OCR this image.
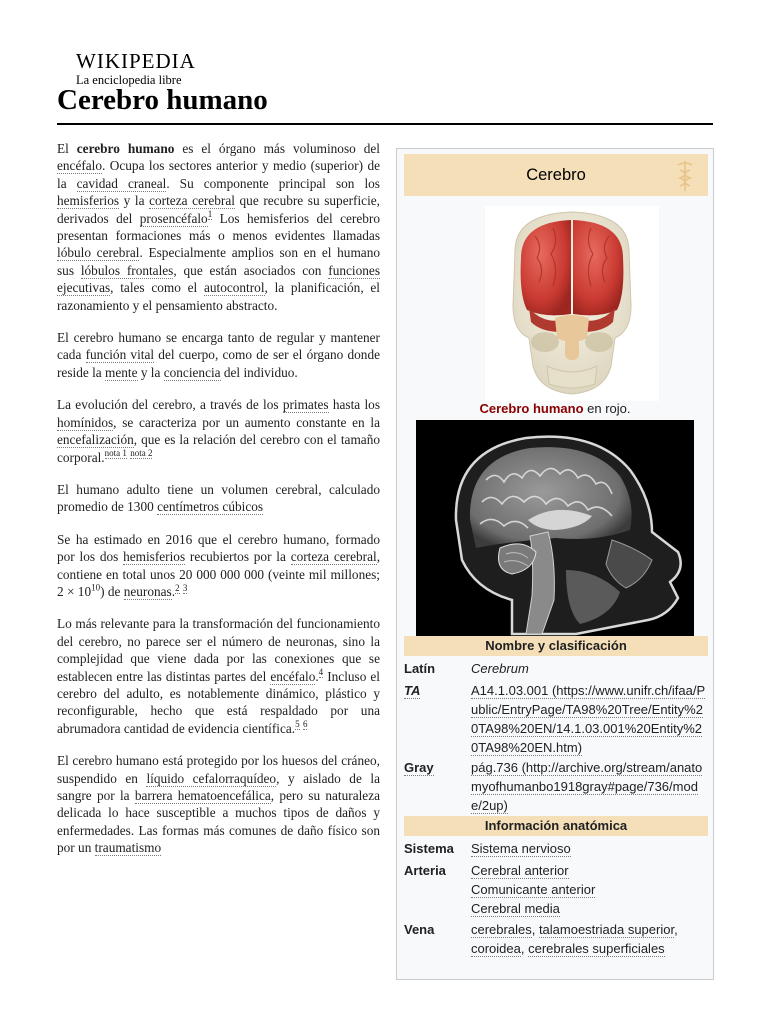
WIKIPEDIA
La enciclopedia libre
Cerebro humano

El cerebro humano es el órgano más voluminoso del encéfalo. Ocupa los sectores anterior y medio (superior) de la cavidad craneal. Su componente principal son los hemisferios y la corteza cerebral que recubre su superficie, derivados del prosencéfalo$^1$ Los hemisferios del cerebro presentan formaciones más o menos evidentes llamadas lóbulo cerebral. Especialmente amplios son en el humano sus lóbulos frontales, que están asociados con funciones ejecutivas, tales como el autocontrol, la planificación, el razonamiento y el pensamiento abstracto.

El cerebro humano se encarga tanto de regular y mantener cada función vital del cuerpo, como de ser el órgano donde reside la mente y la conciencia del individuo.

La evolución del cerebro, a través de los primates hasta los homínidos, se caracteriza por un aumento constante en la encefalización, que es la relación del cerebro con el tamaño corporal.$^{nota 1}$ $^{nota 2}$

El humano adulto tiene un volumen cerebral, calculado promedio de 1300 centímetros cúbicos

Se ha estimado en 2016 que el cerebro humano, formado por los dos hemisferios recubiertos por la corteza cerebral, contiene en total unos 20 000 000 000 (veinte mil millones; $2 \times 10^{10}$) de neuronas.$^2$ $^3$

Lo más relevante para la transformación del funcionamiento del cerebro, no parece ser el número de neuronas, sino la complejidad que viene dada por las conexiones que se establecen entre las distintas partes del encéfalo.$^4$ Incluso el cerebro del adulto, es notablemente dinámico, plástico y reconfigurable, hecho que está respaldado por una abrumadora cantidad de evidencia científica.$^5$ $^6$

El cerebro humano está protegido por los huesos del cráneo, suspendido en líquido cefalorraquídeo, y aislado de la sangre por la barrera hematoencefálica, pero su naturaleza delicada lo hace susceptible a muchos tipos de daños y enfermedades. Las formas más comunes de daño físico son por un traumatismo

Cerebro
Cerebro humano en rojo.
Nombre y clasificación
Latín	Cerebrum
TA	A14.1.03.001 (https://www.unifr.ch/ifaa/Public/EntryPage/TA98%20Tree/Entity%20TA98%20EN/14.1.03.001%20Entity%20TA98%20EN.htm)
Gray	pág.736 (http://archive.org/stream/anatomyofhumanbo1918gray#page/736/mode/2up)
Información anatómica
Sistema	Sistema nervioso
Arteria	Cerebral anterior
Comunicante anterior
Cerebral media
Vena	cerebrales, talamoestriada superior, coroidea, cerebrales superficiales
